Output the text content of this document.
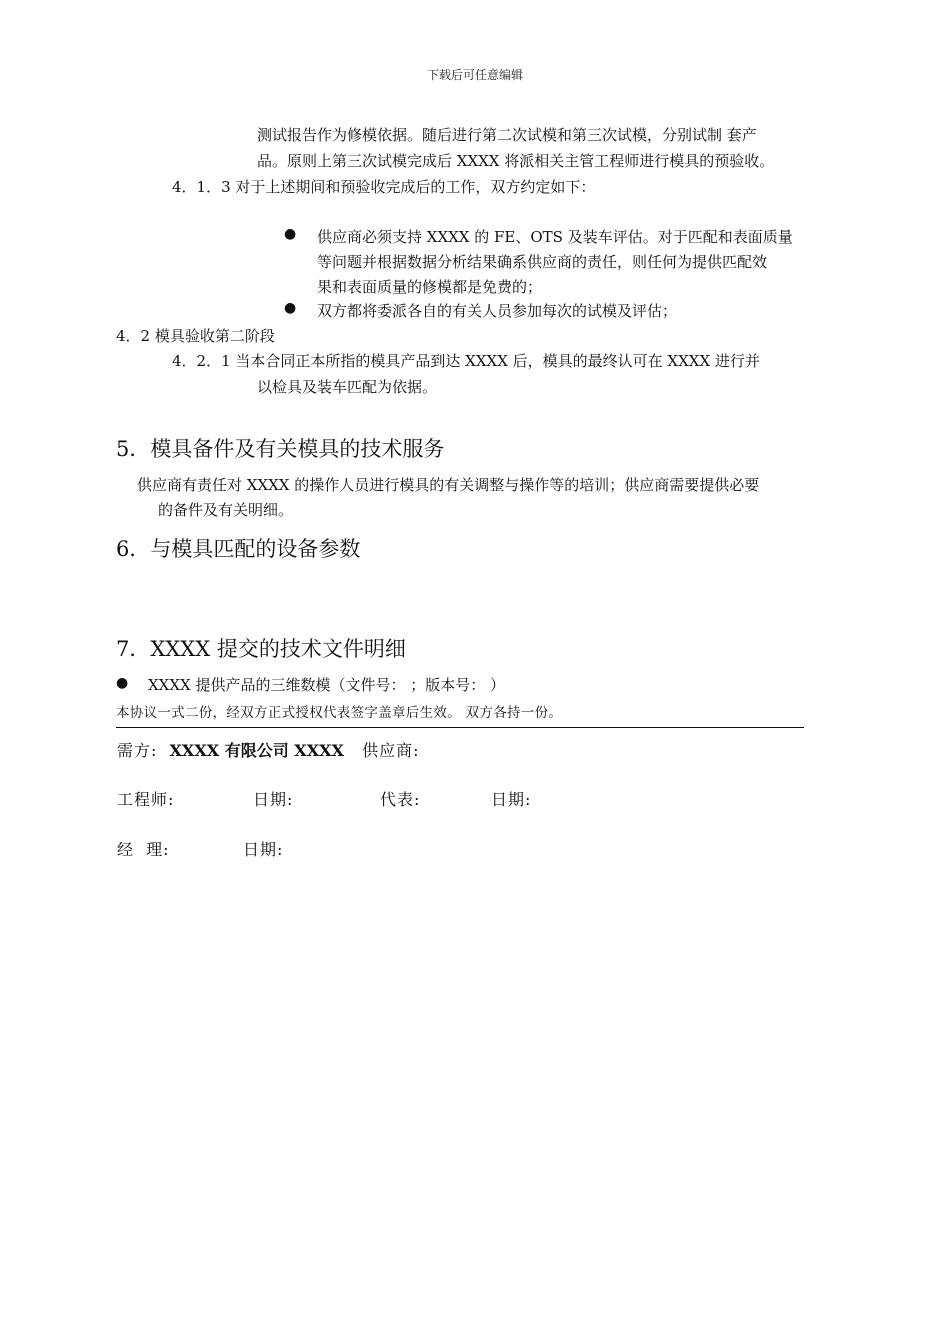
下载后可任意编辑
测试报告作为修模依据。随后进行第二次试模和第三次试模，分别试制 套产
品。原则上第三次试模完成后 XXXX 将派相关主管工程师进行模具的预验收。
4．1．3 对于上述期间和预验收完成后的工作，双方约定如下：
● 供应商必须支持 XXXX 的 FE、OTS 及装车评估。对于匹配和表面质量
等问题并根据数据分析结果确系供应商的责任，则任何为提供匹配效
果和表面质量的修模都是免费的；
● 双方都将委派各自的有关人员参加每次的试模及评估；
4．2 模具验收第二阶段
4．2．1 当本合同正本所指的模具产品到达 XXXX 后，模具的最终认可在 XXXX 进行并
以检具及装车匹配为依据。
5．模具备件及有关模具的技术服务
供应商有责任对 XXXX 的操作人员进行模具的有关调整与操作等的培训；供应商需要提供必要
的备件及有关明细。
6．与模具匹配的设备参数
7．XXXX 提交的技术文件明细
● XXXX 提供产品的三维数模（文件号： ；版本号： ）
本协议一式二份，经双方正式授权代表签字盖章后生效。 双方各持一份。
需方: XXXX 有限公司 XXXX 供应商:
工程师:	日期:	代表:	日期:
经  理:	日期:
